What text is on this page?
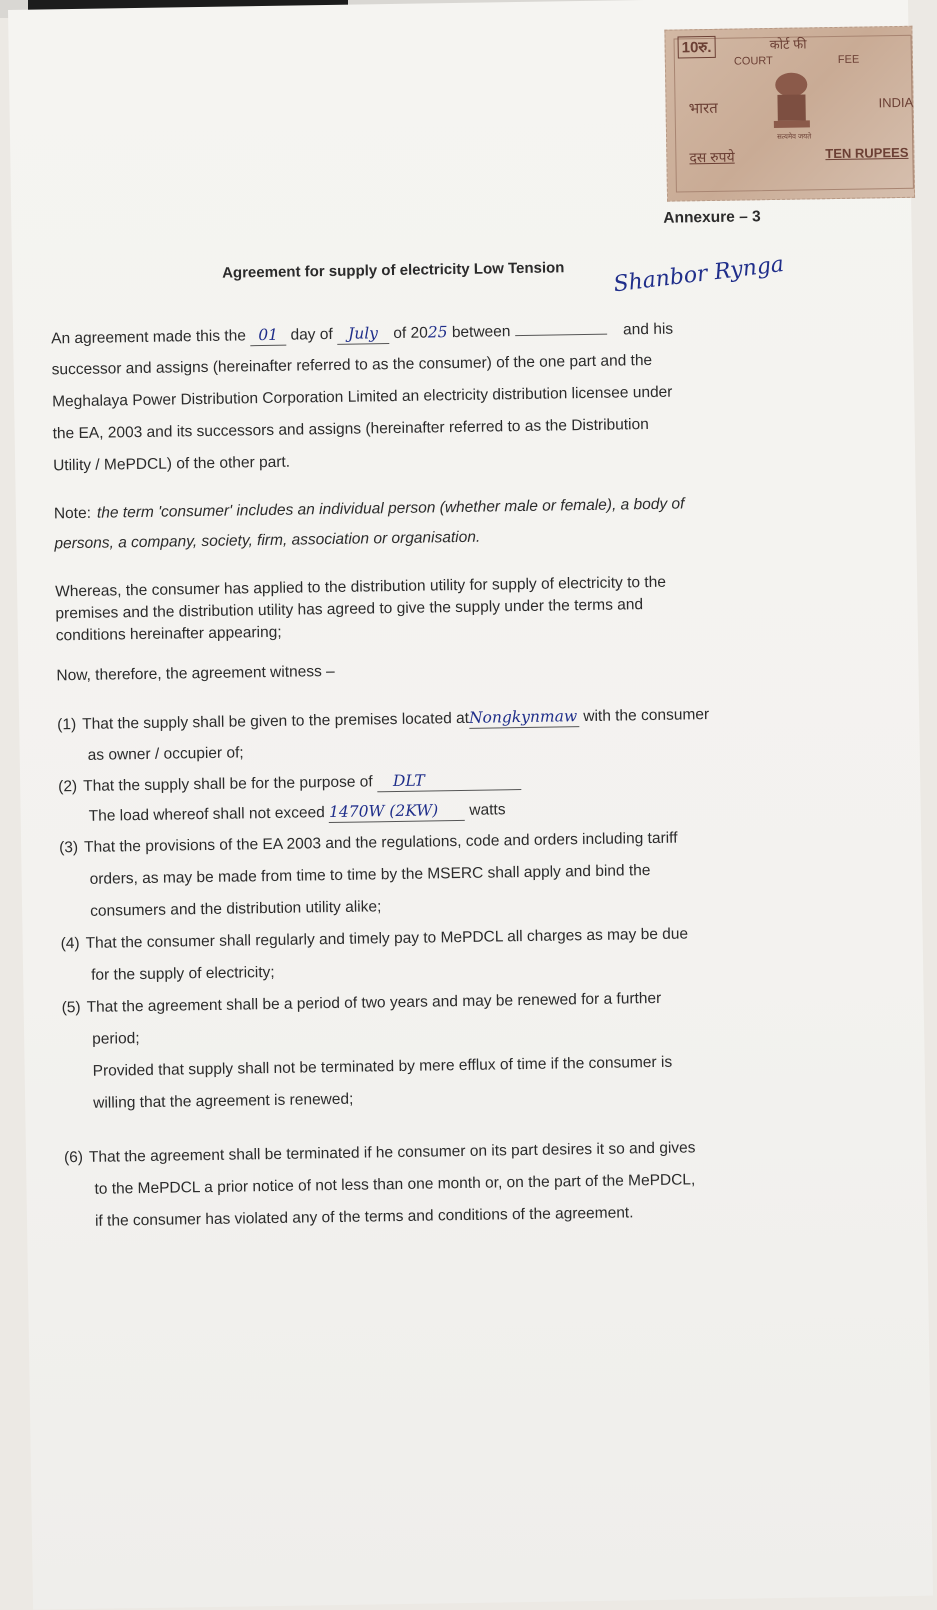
10रु.	कोर्ट फी
COURT	FEE
भारत	INDIA
सत्यमेव जयते
दस रुपये	TEN RUPEES
Annexure – 3
Agreement for supply of electricity Low Tension
An agreement made this the 01 day of July of 2025 between	and his
Shanbor Rynga
successor and assigns (hereinafter referred to as the consumer) of the one part and the
Meghalaya Power Distribution Corporation Limited an electricity distribution licensee under
the EA, 2003 and its successors and assigns (hereinafter referred to as the Distribution
Utility / MePDCL) of the other part.
Note: the term 'consumer' includes an individual person (whether male or female), a body of
persons, a company, society, firm, association or organisation.
Whereas, the consumer has applied to the distribution utility for supply of electricity to the
premises and the distribution utility has agreed to give the supply under the terms and
conditions hereinafter appearing;
Now, therefore, the agreement witness –
(1) That the supply shall be given to the premises located atNongkynmaw with the consumer
as owner / occupier of;
(2) That the supply shall be for the purpose of DLT
The load whereof shall not exceed 1470W (2KW) watts
(3) That the provisions of the EA 2003 and the regulations, code and orders including tariff
orders, as may be made from time to time by the MSERC shall apply and bind the
consumers and the distribution utility alike;
(4) That the consumer shall regularly and timely pay to MePDCL all charges as may be due
for the supply of electricity;
(5) That the agreement shall be a period of two years and may be renewed for a further
period;
Provided that supply shall not be terminated by mere efflux of time if the consumer is
willing that the agreement is renewed;
(6) That the agreement shall be terminated if he consumer on its part desires it so and gives
to the MePDCL a prior notice of not less than one month or, on the part of the MePDCL,
if the consumer has violated any of the terms and conditions of the agreement.
